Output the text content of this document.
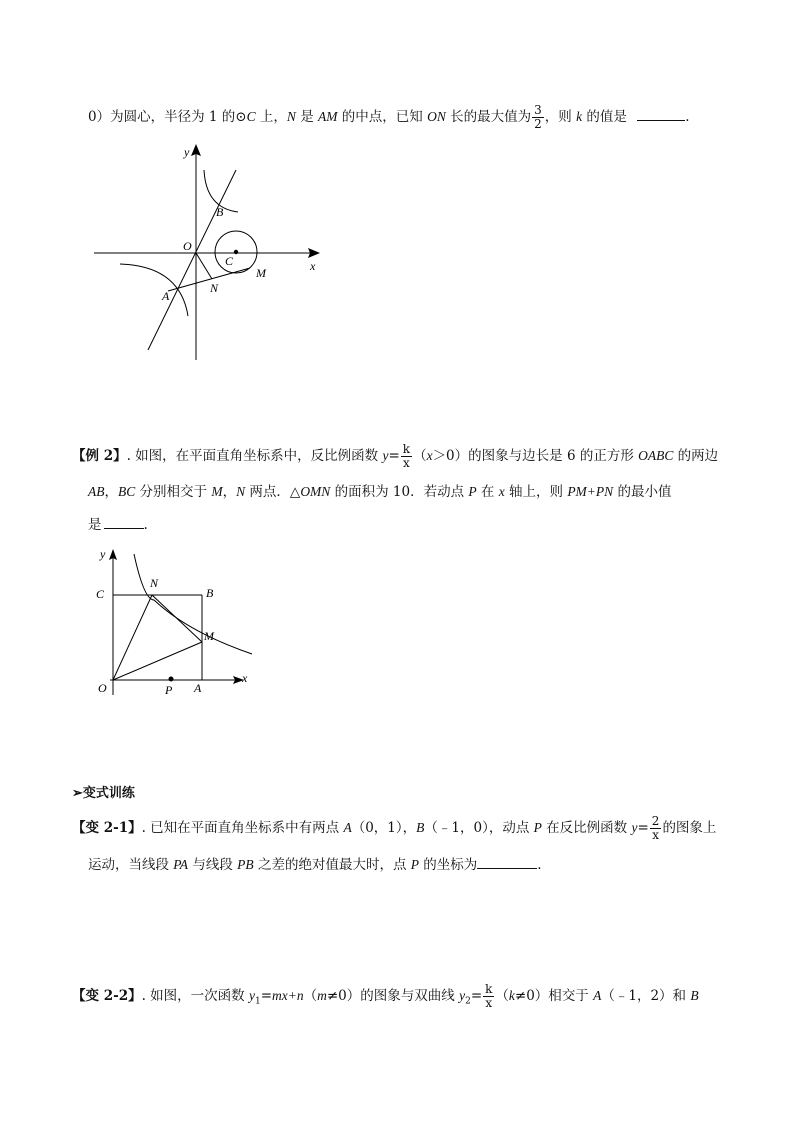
0）为圆心，半径为 1 的⊙C 上，N 是 AM 的中点，已知 ON 长的最大值为 $\frac{3}{2}$ ，则 k 的值是	.
y
x
O
B
C
M
N
A
【例 2】. 如图，在平面直角坐标系中，反比例函数 $y= \frac{k}{x} (x>0)$的图象与边长是 6 的正方形 OABC 的两边
AB，BC 分别相交于 M，N 两点．△OMN 的面积为 10．若动点 P 在 x 轴上，则 PM+PN 的最小值
是	.
y
x
C
N
B
M
O	P A
➢变式训练
【变 2-1】. 已知在平面直角坐标系中有两点 A（0，1），B（﹣1，0），动点 P 在反比例函数 $y= \frac{2}{x}$ 的图象上
运动，当线段 PA 与线段 PB 之差的绝对值最大时，点 P 的坐标为	.
【变 2-2】. 如图，一次函数 $y_1=mx+n(m\ne 0)$的图象与双曲线 $y_2= \frac{k}{x} (k\ne 0)$相交于 A（﹣1，2）和 B
